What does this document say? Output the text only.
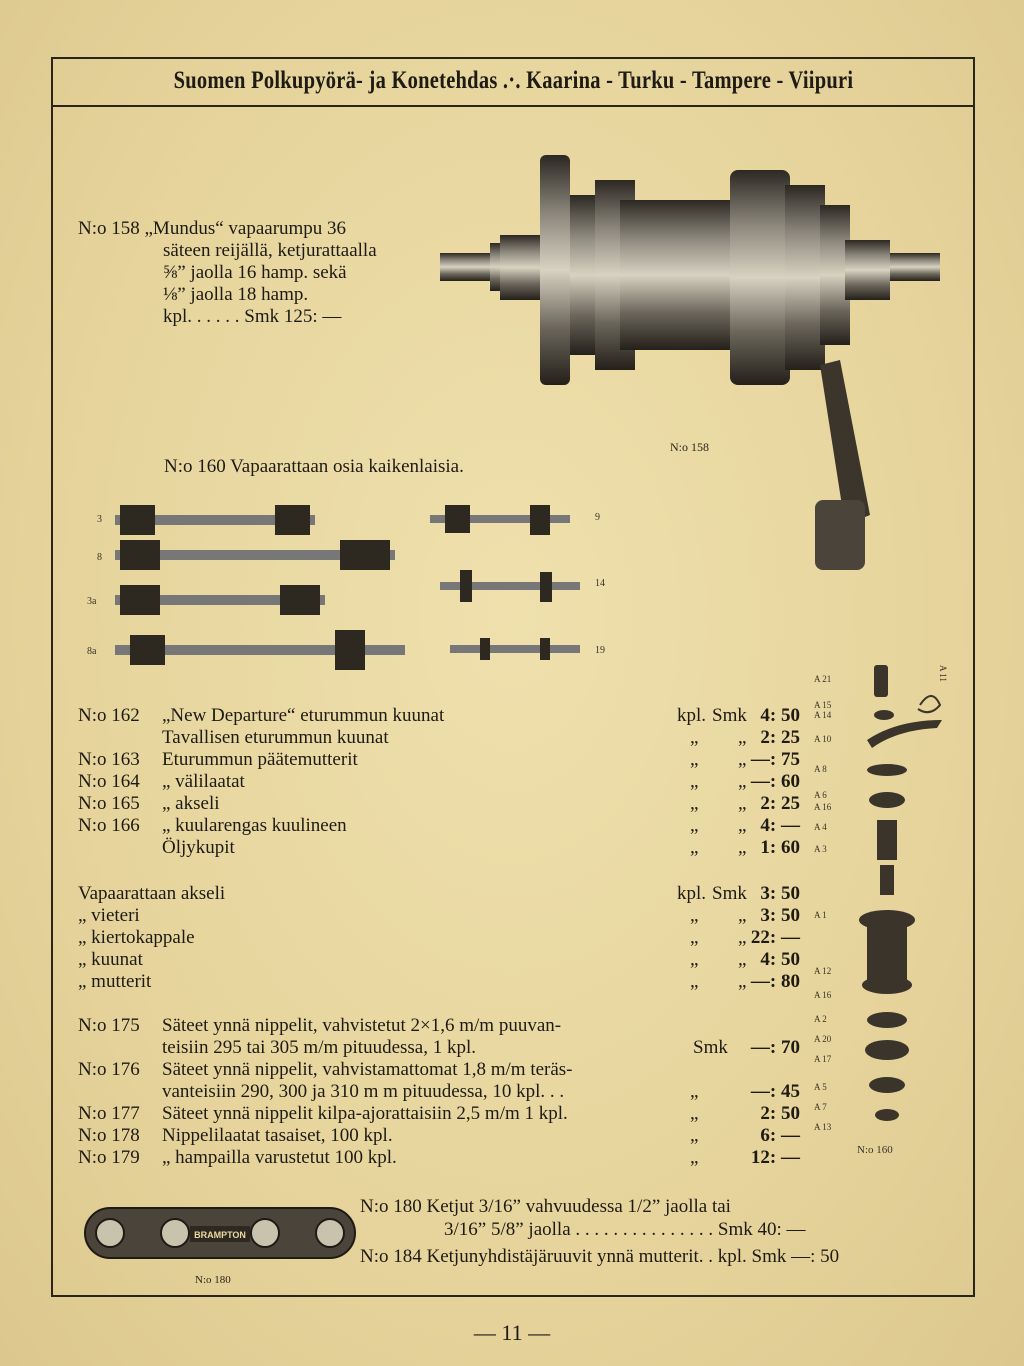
Suomen Polkupyörä- ja Konetehdas .·. Kaarina - Turku - Tampere - Viipuri
N:o 158 „Mundus“ vapaarumpu 36
säteen reijällä, ketjurattaalla
⅝” jaolla 16 hamp. sekä
⅛” jaolla 18 hamp.
kpl. . . . . . Smk 125: —
N:o 158
N:o 160 Vapaarattaan osia kaikenlaisia.
3
8
3a
8a
9
14
19
N:o 162 „New Departure“ eturummun kuunat	kpl. Smk 4: 50
Tavallisen eturummun kuunat	„ „ 2: 25
N:o 163 Eturummun päätemutterit	„ „ —: 75
N:o 164 „ välilaatat	„ „ —: 60
N:o 165 „ akseli	„ „ 2: 25
N:o 166 „ kuularengas kuulineen	„ „ 4: —
Öljykupit	„ „ 1: 60
Vapaarattaan akseli	kpl. Smk 3: 50
„ vieteri	„ „ 3: 50
„ kiertokappale	„ „ 22: —
„ kuunat	„ „ 4: 50
„ mutterit	„ „ —: 80
N:o 175 Säteet ynnä nippelit, vahvistetut 2×1,6 m/m puuvan-
teisiin 295 tai 305 m/m pituudessa, 1 kpl.	Smk —: 70
N:o 176 Säteet ynnä nippelit, vahvistamattomat 1,8 m/m teräs-
vanteisiin 290, 300 ja 310 m m pituudessa, 10 kpl. . .	„	—: 45
N:o 177 Säteet ynnä nippelit kilpa-ajorattaisiin 2,5 m/m 1 kpl.	„	2: 50
N:o 178 Nippelilaatat tasaiset, 100 kpl.	„	6: —
N:o 179 „ hampailla varustetut 100 kpl.	„	12: —
A 21
A 15
A 14
A 10
A 8
A 6
A 16
A 4
A 3
A 1
A 12
A 16
A 2
A 20
A 17
A 5
A 7
A 13
A 11
N:o 160
BRAMPTON
N:o 180
N:o 180 Ketjut 3/16” vahvuudessa 1/2” jaolla tai
3/16” 5/8” jaolla . . . . . . . . . . . . . . . Smk 40: —
N:o 184 Ketjunyhdistäjäruuvit ynnä mutterit. . kpl. Smk —: 50
— 11 —
